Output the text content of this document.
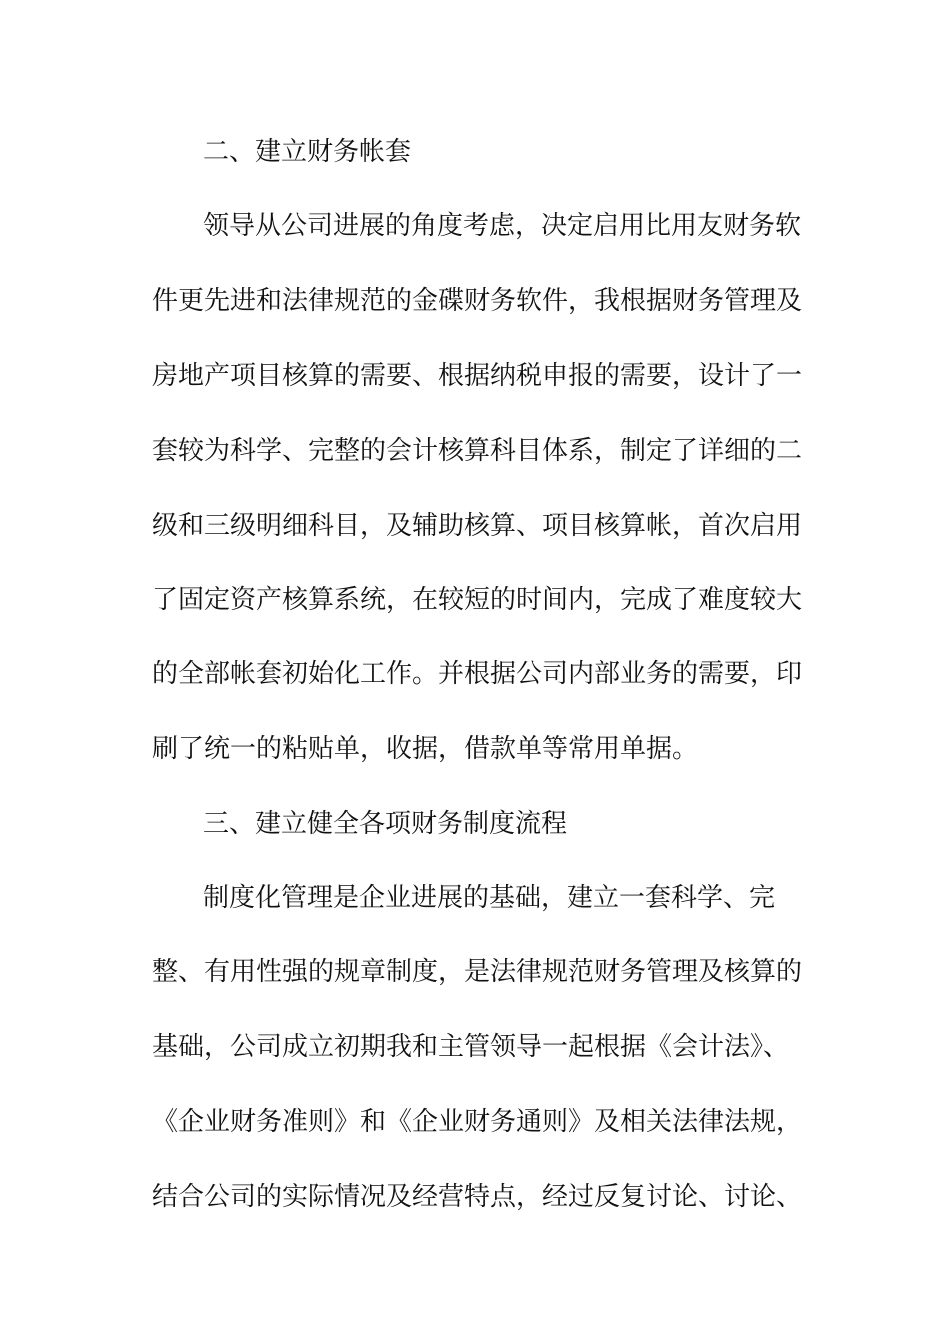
二、建立财务帐套
领导从公司进展的角度考虑，决定启用比用友财务软
件更先进和法律规范的金碟财务软件，我根据财务管理及
房地产项目核算的需要、根据纳税申报的需要，设计了一
套较为科学、完整的会计核算科目体系，制定了详细的二
级和三级明细科目，及辅助核算、项目核算帐，首次启用
了固定资产核算系统，在较短的时间内，完成了难度较大
的全部帐套初始化工作。并根据公司内部业务的需要，印
刷了统一的粘贴单，收据，借款单等常用单据。
三、建立健全各项财务制度流程
制度化管理是企业进展的基础，建立一套科学、完
整、有用性强的规章制度，是法律规范财务管理及核算的
基础，公司成立初期我和主管领导一起根据《会计法》、
《企业财务准则》和《企业财务通则》及相关法律法规，
结合公司的实际情况及经营特点，经过反复讨论、讨论、
